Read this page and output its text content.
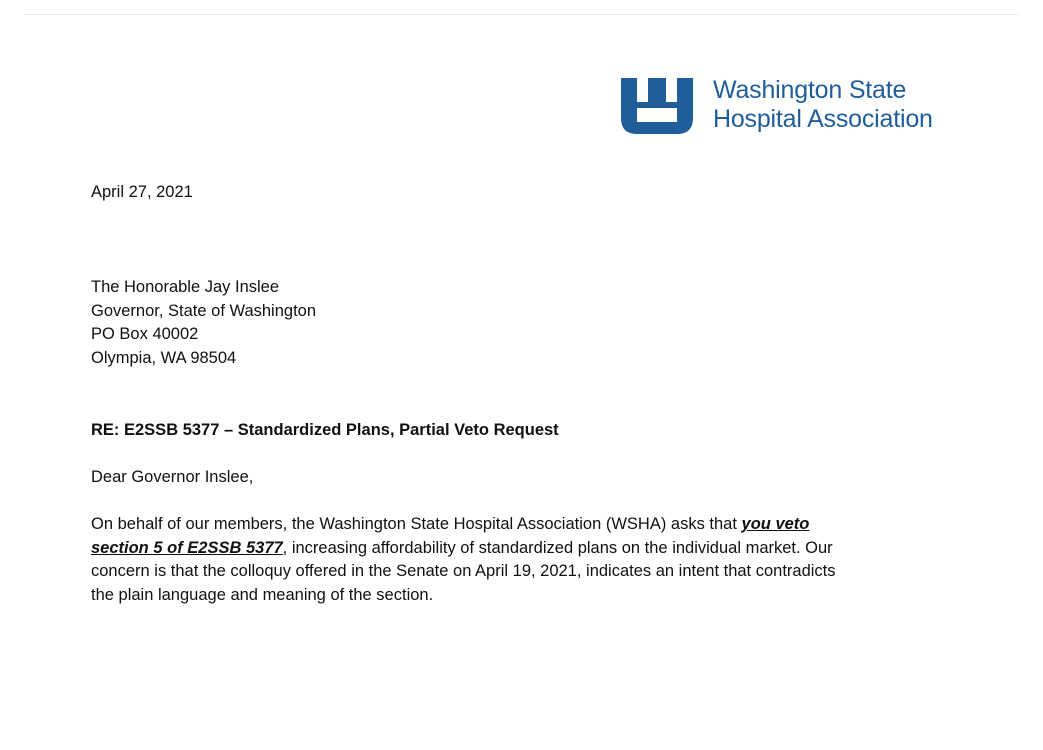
Washington State
Hospital Association
April 27, 2021
The Honorable Jay Inslee
Governor, State of Washington
PO Box 40002
Olympia, WA 98504
RE: E2SSB 5377 – Standardized Plans, Partial Veto Request
Dear Governor Inslee,
On behalf of our members, the Washington State Hospital Association (WSHA) asks that you veto
section 5 of E2SSB 5377, increasing affordability of standardized plans on the individual market. Our
concern is that the colloquy offered in the Senate on April 19, 2021, indicates an intent that contradicts
the plain language and meaning of the section.
